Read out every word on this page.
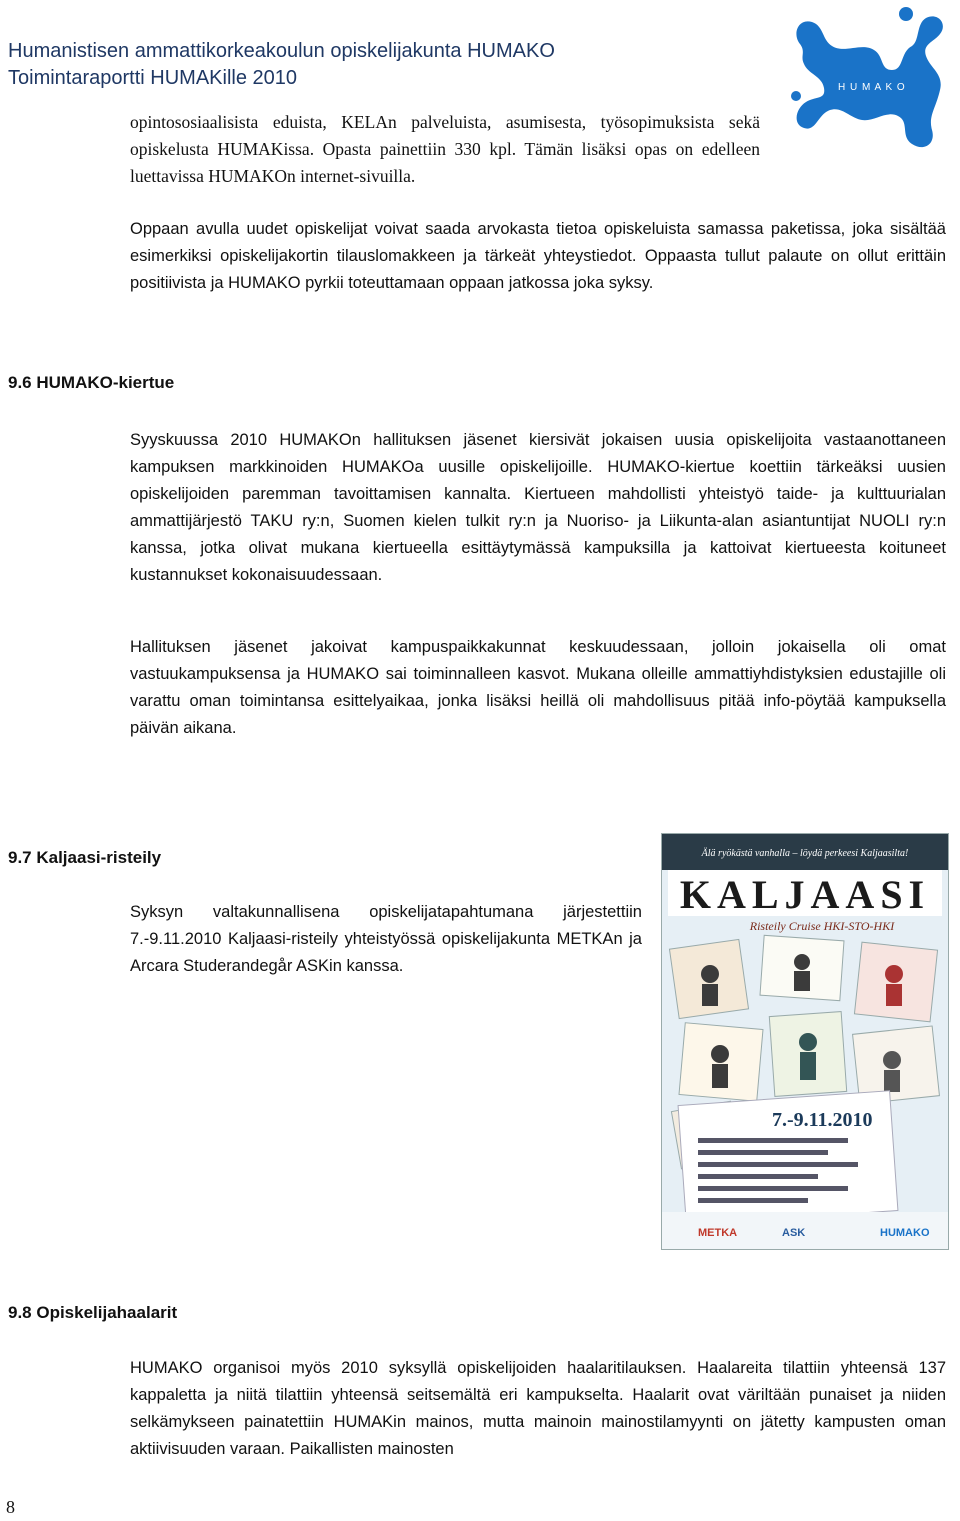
Humanistisen ammattikorkeakoulun opiskelijakunta HUMAKO
Toimintaraportti HUMAKille 2010	H U M A K O

opintososiaalisista eduista, KELAn palveluista, asumisesta, työsopimuksista sekä opiskelusta HUMAKissa. Opasta painettiin 330 kpl. Tämän lisäksi opas on edelleen luettavissa HUMAKOn internet-sivuilla.

Oppaan avulla uudet opiskelijat voivat saada arvokasta tietoa opiskeluista samassa paketissa, joka sisältää esimerkiksi opiskelijakortin tilauslomakkeen ja tärkeät yhteystiedot. Oppaasta tullut palaute on ollut erittäin positiivista ja HUMAKO pyrkii toteuttamaan oppaan jatkossa joka syksy.

9.6 HUMAKO-kiertue

Syyskuussa 2010 HUMAKOn hallituksen jäsenet kiersivät jokaisen uusia opiskelijoita vastaanottaneen kampuksen markkinoiden HUMAKOa uusille opiskelijoille. HUMAKO-kiertue koettiin tärkeäksi uusien opiskelijoiden paremman tavoittamisen kannalta. Kiertueen mahdollisti yhteistyö taide- ja kulttuurialan ammattijärjestö TAKU ry:n, Suomen kielen tulkit ry:n ja Nuoriso- ja Liikunta-alan asiantuntijat NUOLI ry:n kanssa, jotka olivat mukana kiertueella esittäytymässä kampuksilla ja kattoivat kiertueesta koituneet kustannukset kokonaisuudessaan.

Hallituksen jäsenet jakoivat kampuspaikkakunnat keskuudessaan, jolloin jokaisella oli omat vastuukampuksensa ja HUMAKO sai toiminnalleen kasvot. Mukana olleille ammattiyhdistyksien edustajille oli varattu oman toimintansa esittelyaikaa, jonka lisäksi heillä oli mahdollisuus pitää info-pöytää kampuksella päivän aikana.

9.7 Kaljaasi-risteily

Syksyn valtakunnallisena opiskelijatapahtumana järjestettiin 7.-9.11.2010 Kaljaasi-risteily yhteistyössä opiskelijakunta METKAn ja Arcara Studerandegår ASKin kanssa.

Älä ryökästä vanhalla – löydä perkeesi Kaljaasilta!
KALJAASI
Risteily Cruise HKI-STO-HKI
7.-9.11.2010
METKA	ASK	HUMAKO
9.8 Opiskelijahaalarit

HUMAKO organisoi myös 2010 syksyllä opiskelijoiden haalaritilauksen. Haalareita tilattiin yhteensä 137 kappaletta ja niitä tilattiin yhteensä seitsemältä eri kampukselta. Haalarit ovat väriltään punaiset ja niiden selkämykseen painatettiin HUMAKin mainos, mutta mainoin mainostilamyynti on jätetty kampusten oman aktiivisuuden varaan. Paikallisten mainosten

8
